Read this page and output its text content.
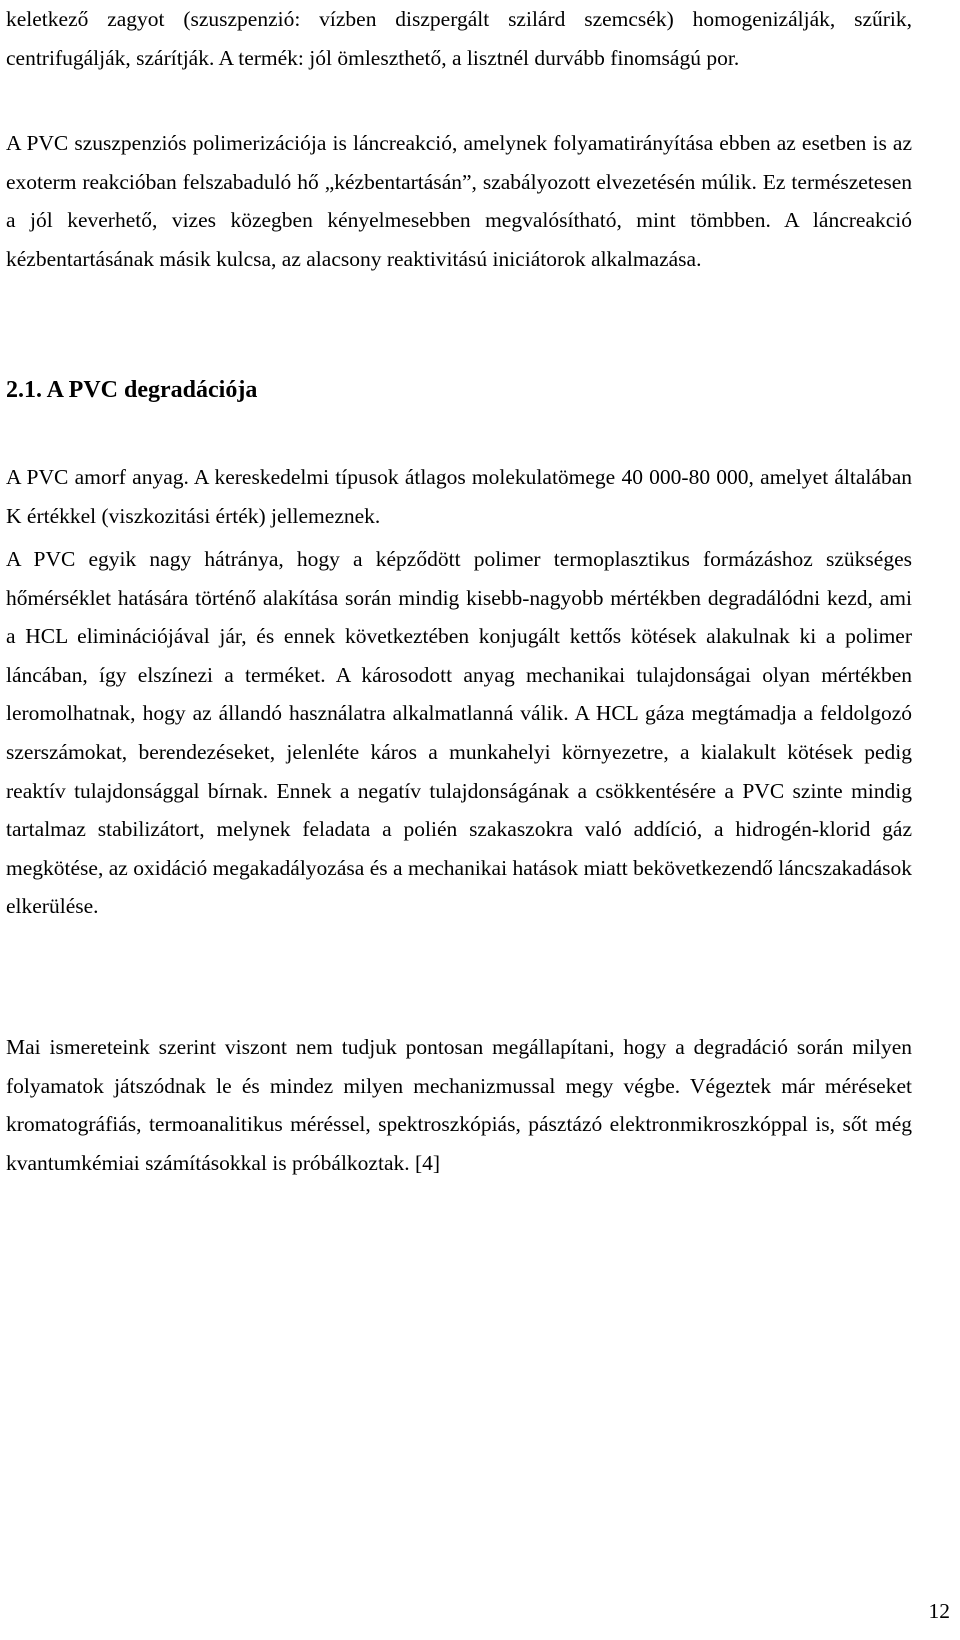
keletkező zagyot (szuszpenzió: vízben diszpergált szilárd szemcsék) homogenizálják, szűrik, centrifugálják, szárítják. A termék: jól ömleszthető, a lisztnél durvább finomságú por.

A PVC szuszpenziós polimerizációja is láncreakció, amelynek folyamatirányítása ebben az esetben is az exoterm reakcióban felszabaduló hő „kézbentartásán”, szabályozott elvezetésén múlik. Ez természetesen a jól keverhető, vizes közegben kényelmesebben megvalósítható, mint tömbben. A láncreakció kézbentartásának másik kulcsa, az alacsony reaktivitású iniciátorok alkalmazása.

2.1. A PVC degradációja

A PVC amorf anyag. A kereskedelmi típusok átlagos molekulatömege 40 000-80 000, amelyet általában K értékkel (viszkozitási érték) jellemeznek.

A PVC egyik nagy hátránya, hogy a képződött polimer termoplasztikus formázáshoz szükséges hőmérséklet hatására történő alakítása során mindig kisebb-nagyobb mértékben degradálódni kezd, ami a HCL eliminációjával jár, és ennek következtében konjugált kettős kötések alakulnak ki a polimer láncában, így elszínezi a terméket. A károsodott anyag mechanikai tulajdonságai olyan mértékben leromolhatnak, hogy az állandó használatra alkalmatlanná válik. A HCL gáza megtámadja a feldolgozó szerszámokat, berendezéseket, jelenléte káros a munkahelyi környezetre, a kialakult kötések pedig reaktív tulajdonsággal bírnak. Ennek a negatív tulajdonságának a csökkentésére a PVC szinte mindig tartalmaz stabilizátort, melynek feladata a polién szakaszokra való addíció, a hidrogén-klorid gáz megkötése, az oxidáció megakadályozása és a mechanikai hatások miatt bekövetkezendő láncszakadások elkerülése.

Mai ismereteink szerint viszont nem tudjuk pontosan megállapítani, hogy a degradáció során milyen folyamatok játszódnak le és mindez milyen mechanizmussal megy végbe. Végeztek már méréseket kromatográfiás, termoanalitikus méréssel, spektroszkópiás, pásztázó elektronmikroszkóppal is, sőt még kvantumkémiai számításokkal is próbálkoztak. [4]

12
